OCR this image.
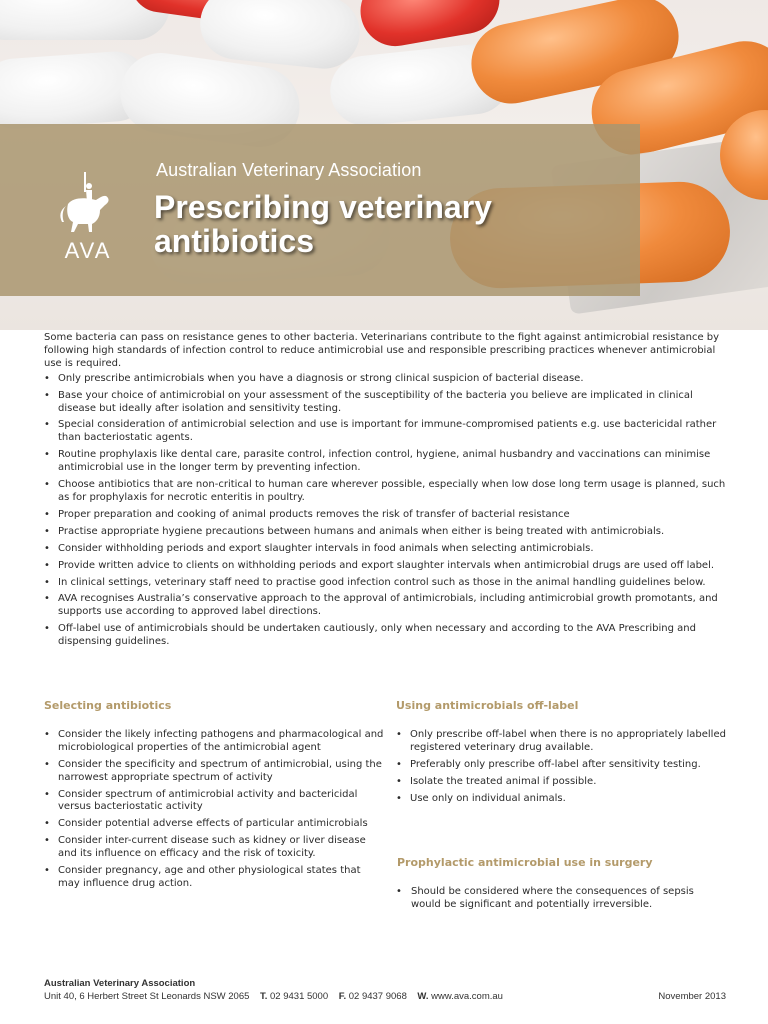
AVA
Australian Veterinary Association
Prescribing veterinary antibiotics

Some bacteria can pass on resistance genes to other bacteria. Veterinarians contribute to the fight against antimicrobial resistance by following high standards of infection control to reduce antimicrobial use and responsible prescribing practices whenever antimicrobial use is required.

• Only prescribe antimicrobials when you have a diagnosis or strong clinical suspicion of bacterial disease.
• Base your choice of antimicrobial on your assessment of the susceptibility of the bacteria you believe are implicated in clinical disease but ideally after isolation and sensitivity testing.
• Special consideration of antimicrobial selection and use is important for immune-compromised patients e.g. use bactericidal rather than bacteriostatic agents.
• Routine prophylaxis like dental care, parasite control, infection control, hygiene, animal husbandry and vaccinations can minimise antimicrobial use in the longer term by preventing infection.
• Choose antibiotics that are non-critical to human care wherever possible, especially when low dose long term usage is planned, such as for prophylaxis for necrotic enteritis in poultry.
• Proper preparation and cooking of animal products removes the risk of transfer of bacterial resistance
• Practise appropriate hygiene precautions between humans and animals when either is being treated with antimicrobials.
• Consider withholding periods and export slaughter intervals in food animals when selecting antimicrobials.
• Provide written advice to clients on withholding periods and export slaughter intervals when antimicrobial drugs are used off label.
• In clinical settings, veterinary staff need to practise good infection control such as those in the animal handling guidelines below.
• AVA recognises Australia’s conservative approach to the approval of antimicrobials, including antimicrobial growth promotants, and supports use according to approved label directions.
• Off-label use of antimicrobials should be undertaken cautiously, only when necessary and according to the AVA Prescribing and dispensing guidelines.
Selecting antibiotics
• Consider the likely infecting pathogens and pharmacological and microbiological properties of the antimicrobial agent
• Consider the specificity and spectrum of antimicrobial, using the narrowest appropriate spectrum of activity
• Consider spectrum of antimicrobial activity and bactericidal versus bacteriostatic activity
• Consider potential adverse effects of particular antimicrobials
• Consider inter-current disease such as kidney or liver disease and its influence on efficacy and the risk of toxicity.
• Consider pregnancy, age and other physiological states that may influence drug action.
Using antimicrobials off-label
• Only prescribe off-label when there is no appropriately labelled registered veterinary drug available.
• Preferably only prescribe off-label after sensitivity testing.
• Isolate the treated animal if possible.
• Use only on individual animals.
Prophylactic antimicrobial use in surgery
• Should be considered where the consequences of sepsis would be significant and potentially irreversible.
Australian Veterinary Association
Unit 40, 6 Herbert Street St Leonards NSW 2065 T. 02 9431 5000 F. 02 9437 9068 W. www.ava.com.au	November 2013
